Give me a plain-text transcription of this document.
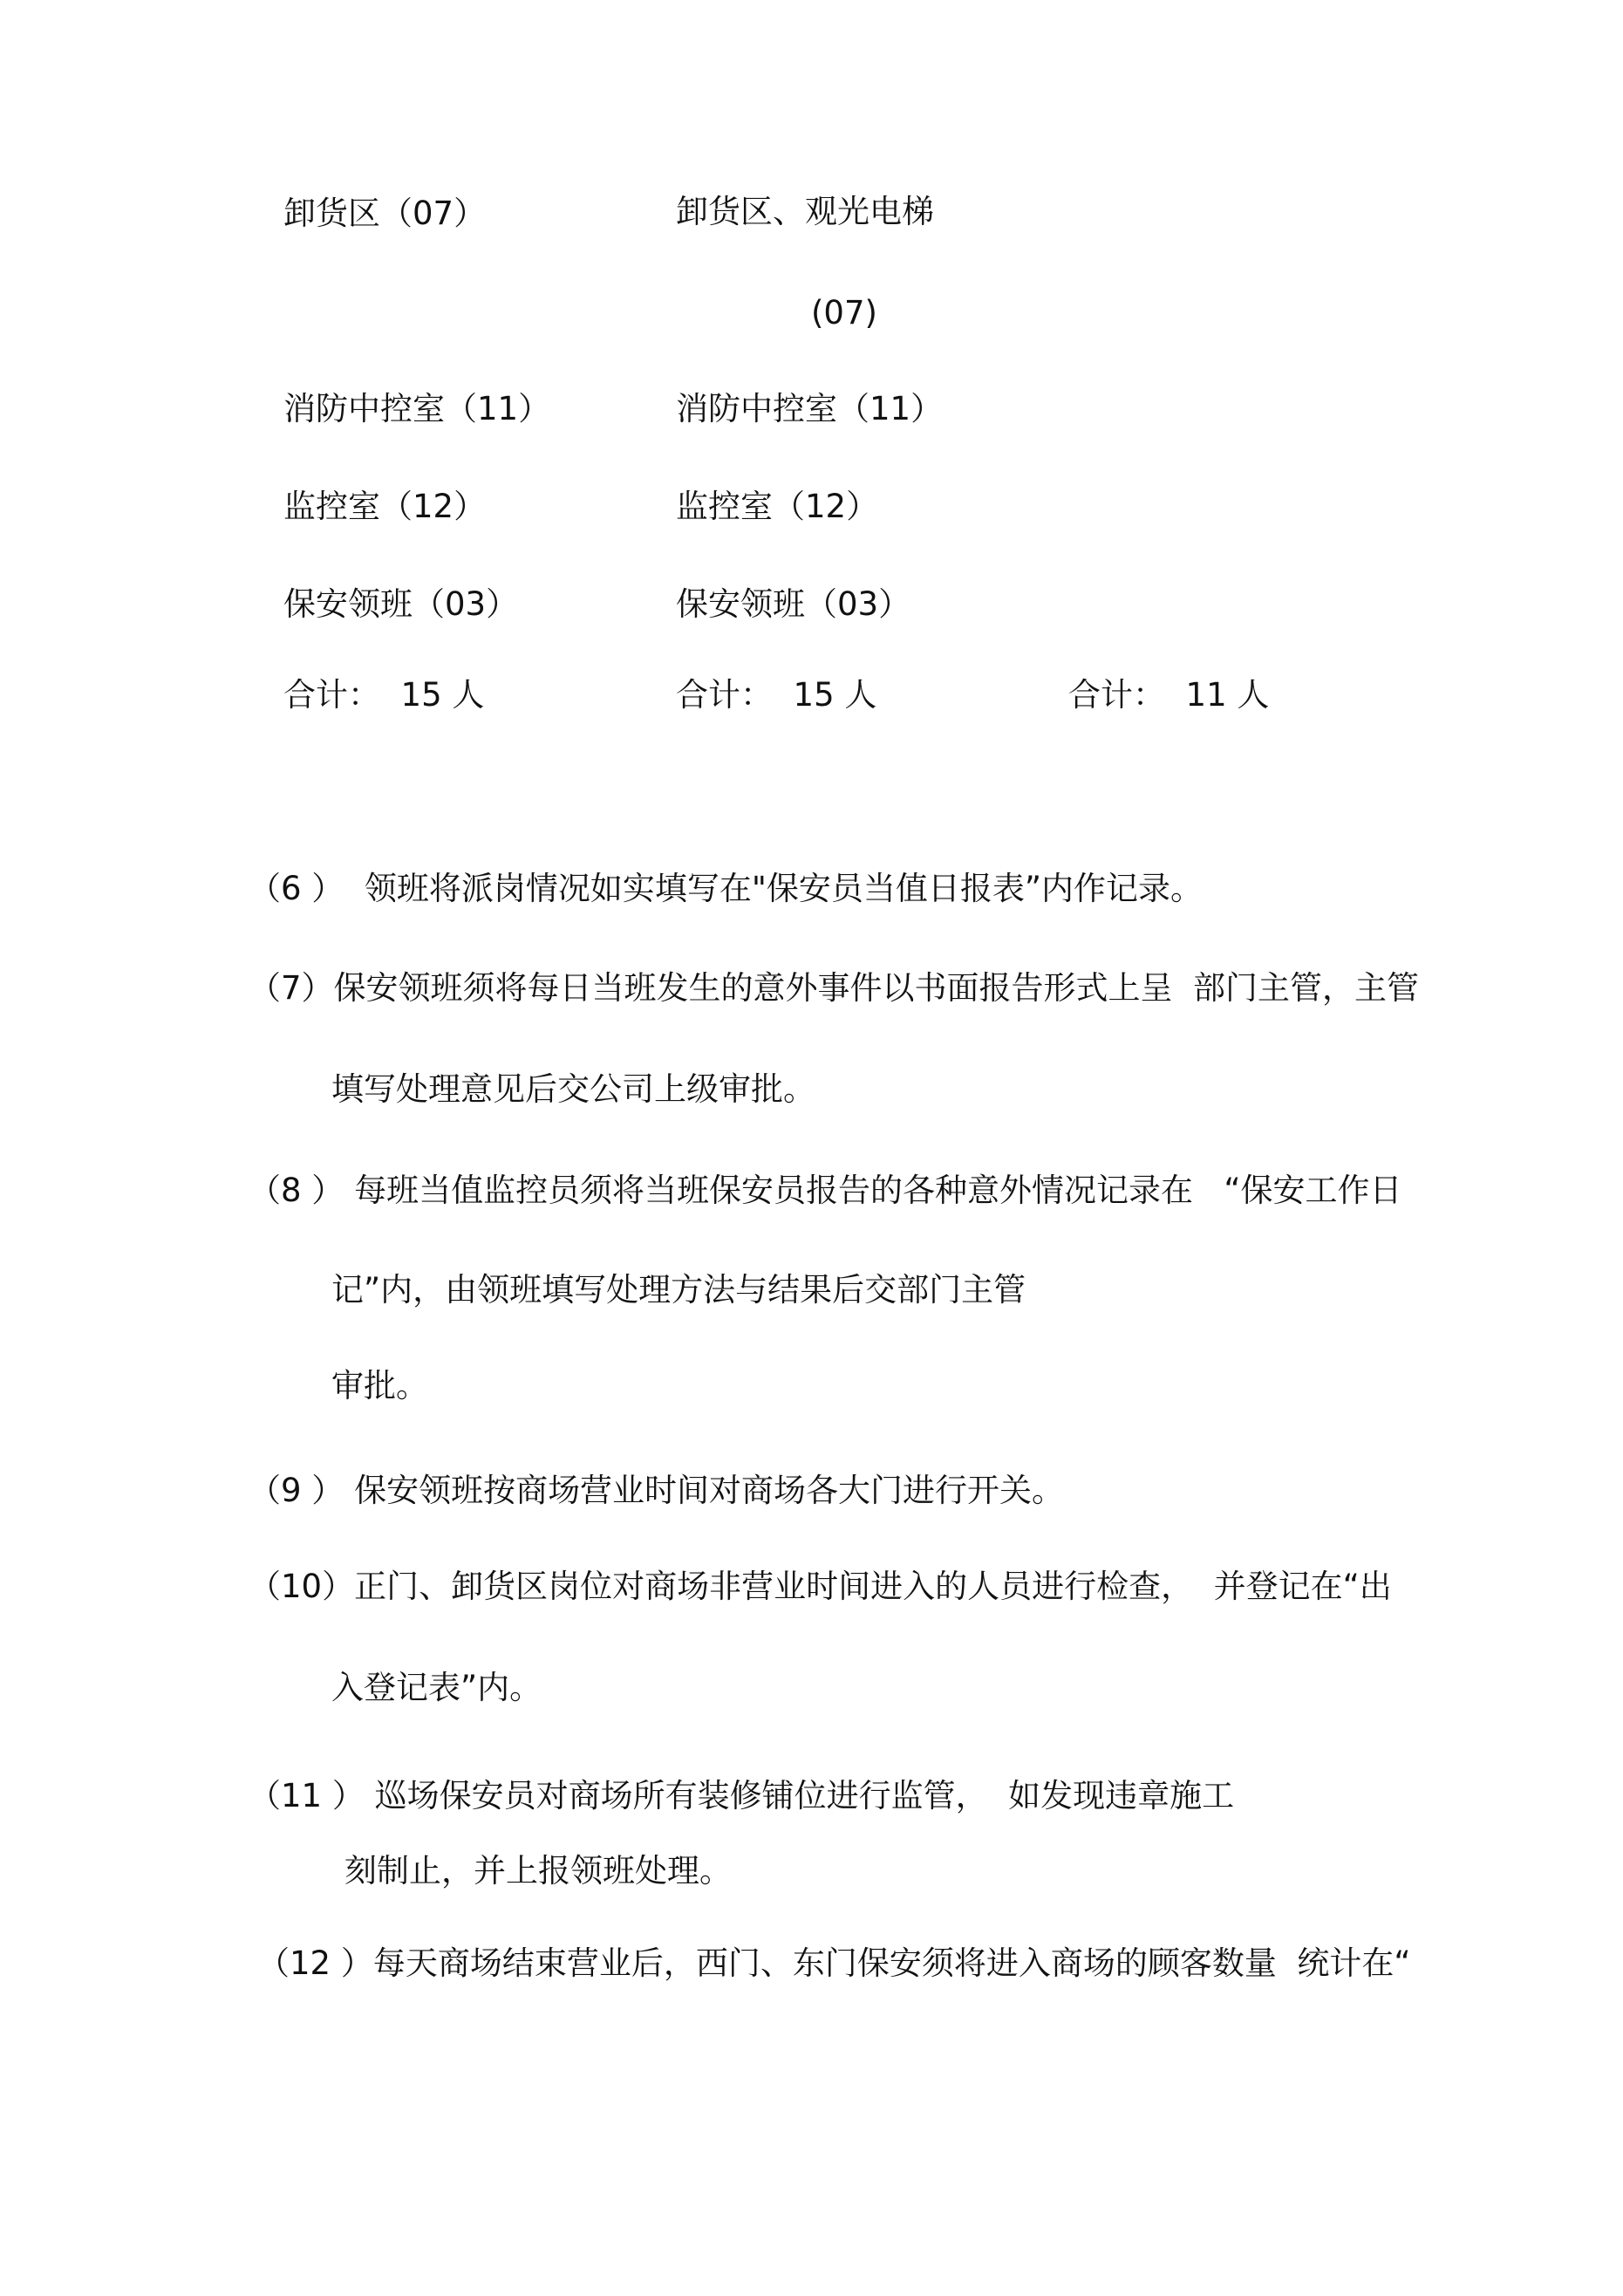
卸货区（07）	卸货区、观光电梯
(07)
消防中控室（11）	消防中控室（11）
监控室（12）	监控室（12）
保安领班（03）	保安领班（03）
合计：  15 人	合计：  15 人	合计：  11 人
（6 ）  领班将派岗情况如实填写在"保安员当值日报表”内作记录。
（7）保安领班须将每日当班发生的意外事件以书面报告形式上呈  部门主管，主管
填写处理意见后交公司上级审批。
（8 ） 每班当值监控员须将当班保安员报告的各种意外情况记录在   “保安工作日
记”内，由领班填写处理方法与结果后交部门主管
审批。
（9 ） 保安领班按商场营业时间对商场各大门进行开关。
（10）正门、卸货区岗位对商场非营业时间进入的人员进行检查，  并登记在“出
入登记表”内。
（11 ） 巡场保安员对商场所有装修铺位进行监管，  如发现违章施工
刻制止，并上报领班处理。
（12 ）每天商场结束营业后，西门、东门保安须将进入商场的顾客数量  统计在“
